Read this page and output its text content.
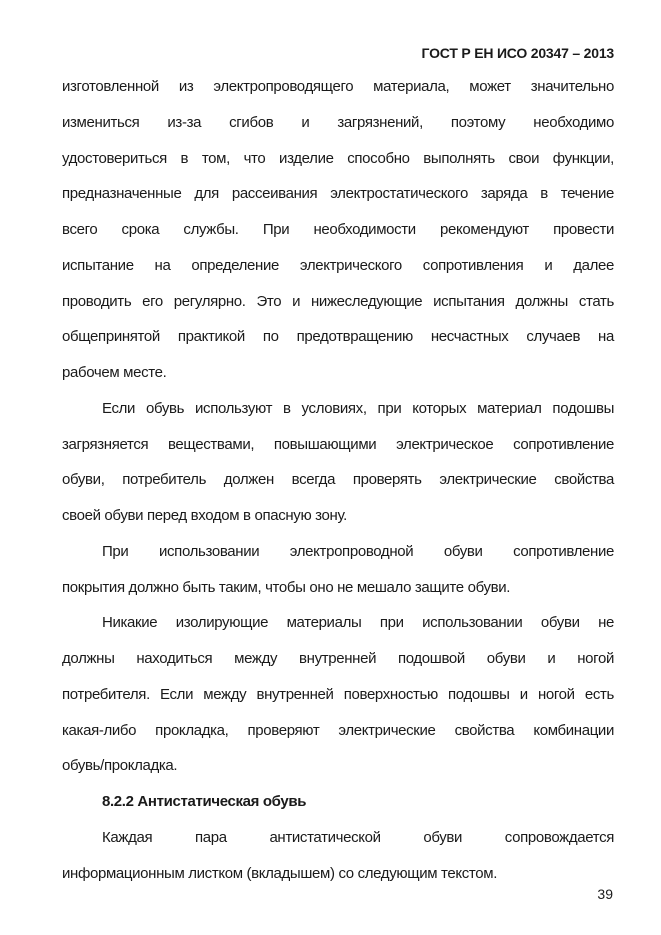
ГОСТ Р ЕН ИСО 20347 – 2013
изготовленной из электропроводящего материала, может значительно
измениться из-за сгибов и загрязнений, поэтому необходимо
удостовериться в том, что изделие способно выполнять свои функции,
предназначенные для рассеивания электростатического заряда в течение
всего срока службы. При необходимости рекомендуют провести
испытание на определение электрического сопротивления и далее
проводить его регулярно. Это и нижеследующие испытания должны стать
общепринятой практикой по предотвращению несчастных случаев на
рабочем месте.
Если обувь используют в условиях, при которых материал подошвы
загрязняется веществами, повышающими электрическое сопротивление
обуви, потребитель должен всегда проверять электрические свойства
своей обуви перед входом в опасную зону.
При использовании электропроводной обуви сопротивление
покрытия должно быть таким, чтобы оно не мешало защите обуви.
Никакие изолирующие материалы при использовании обуви не
должны находиться между внутренней подошвой обуви и ногой
потребителя. Если между внутренней поверхностью подошвы и ногой есть
какая-либо прокладка, проверяют электрические свойства комбинации
обувь/прокладка.
8.2.2 Антистатическая обувь
Каждая пара антистатической обуви сопровождается
информационным листком (вкладышем) со следующим текстом.
39
